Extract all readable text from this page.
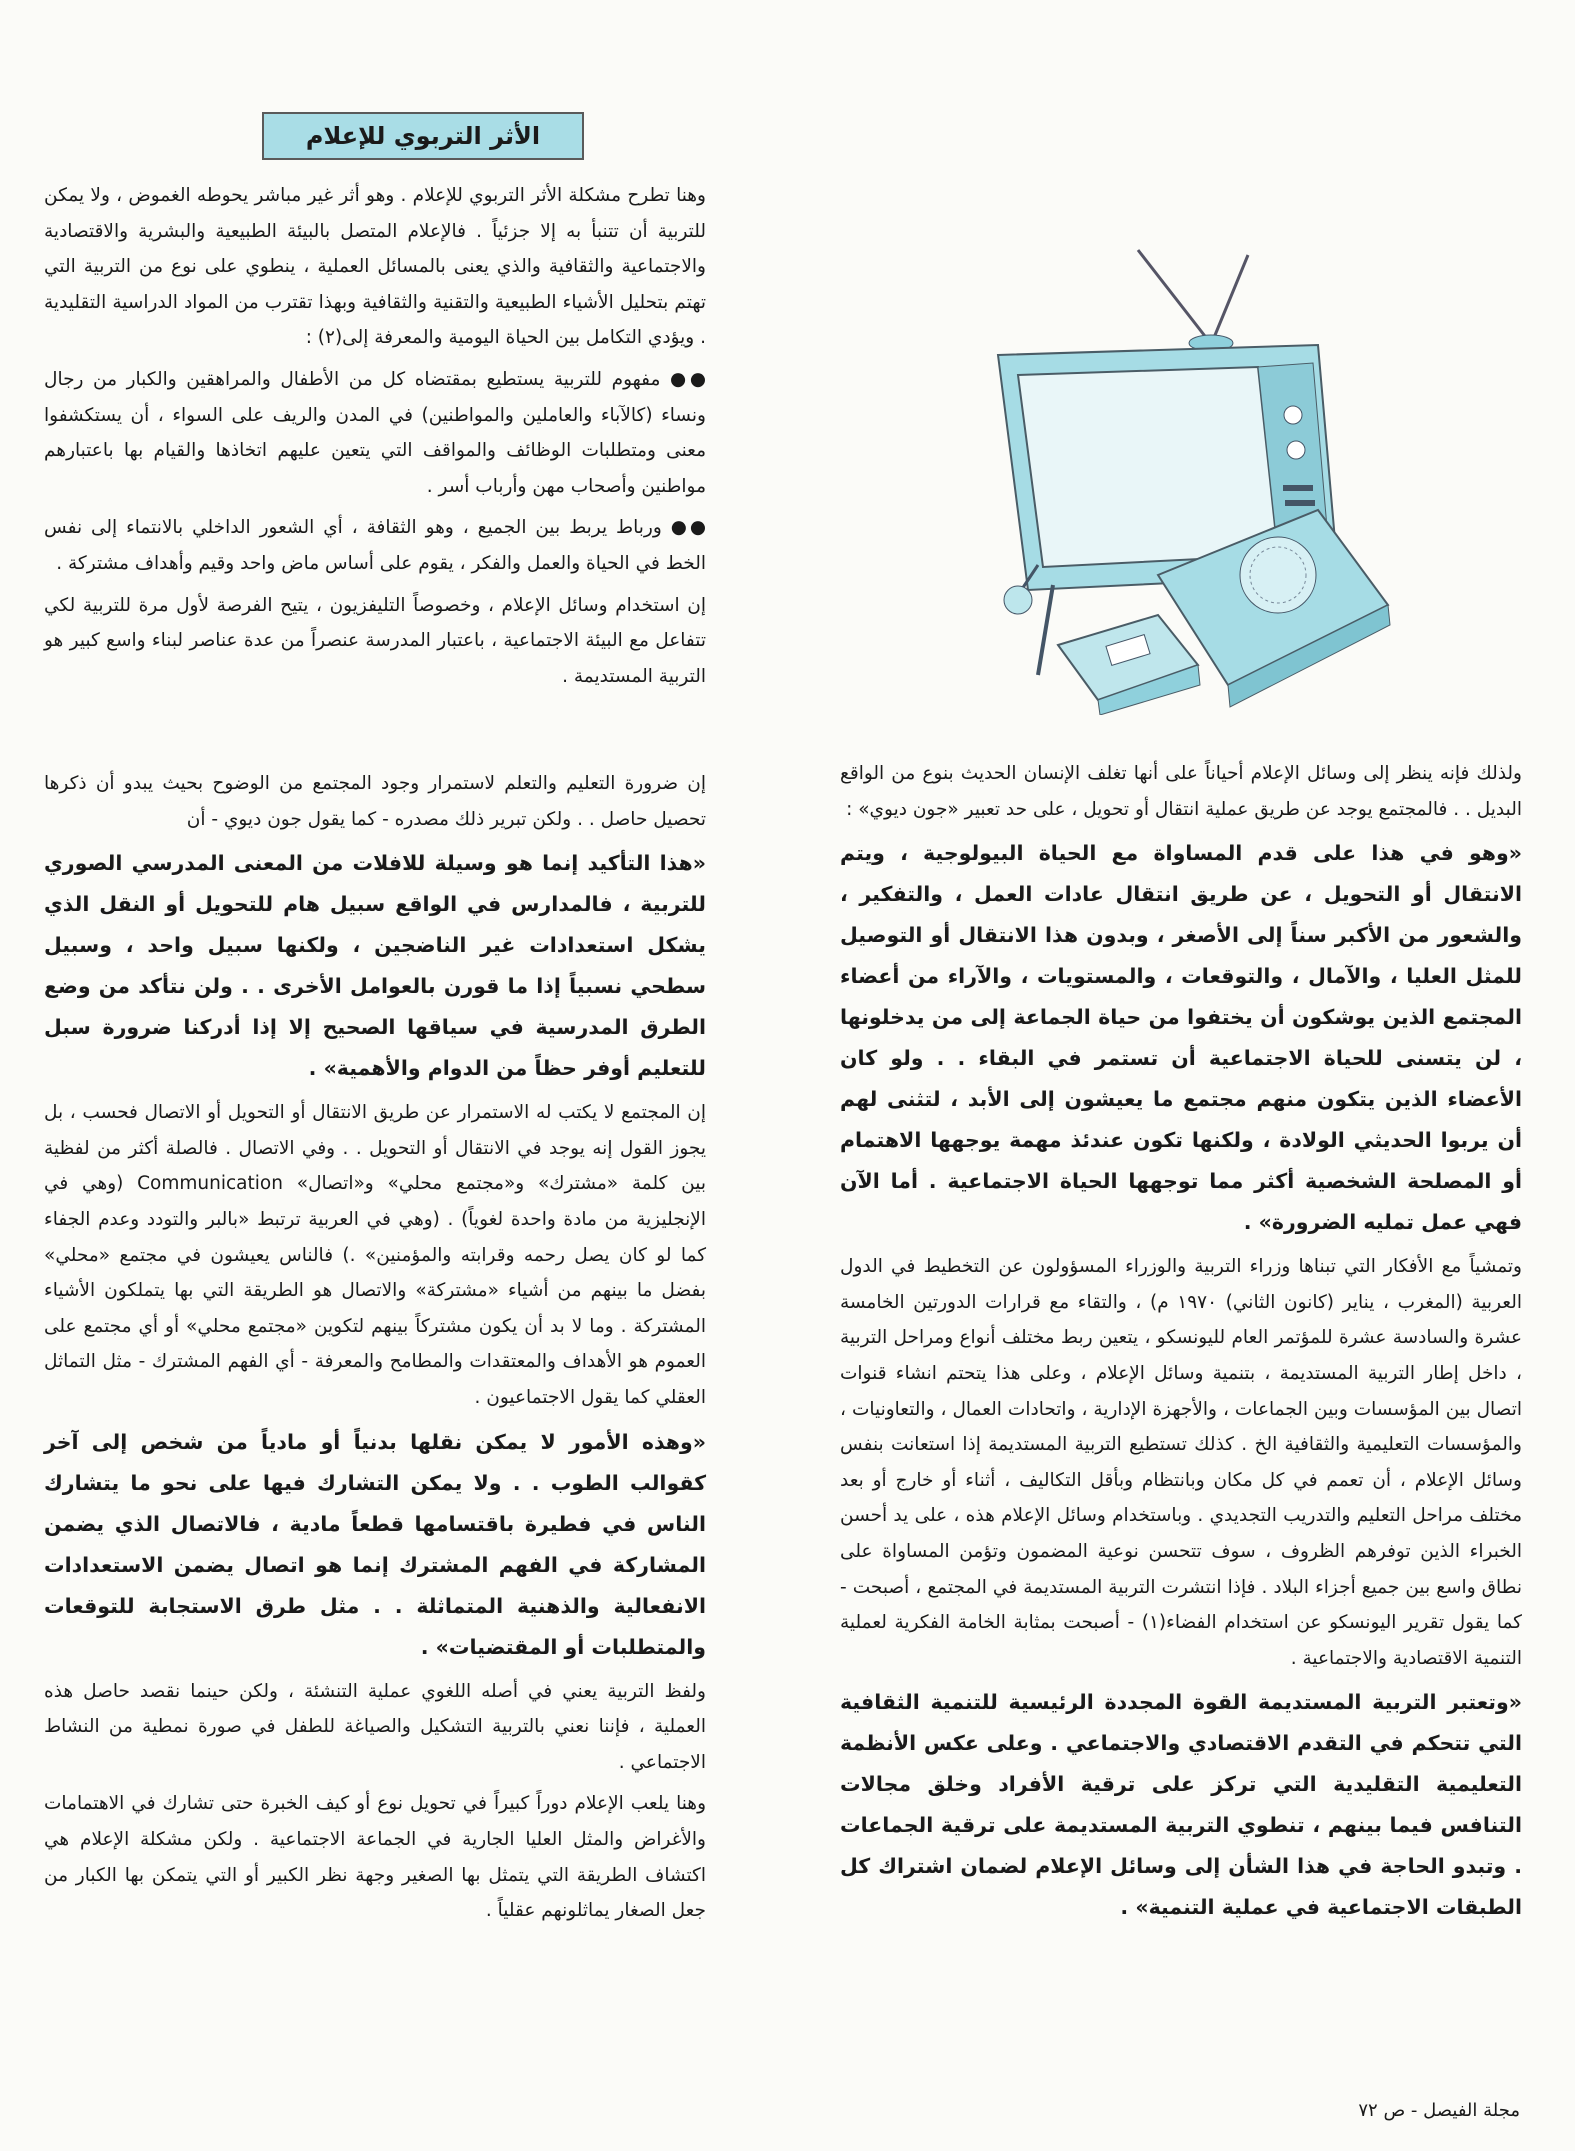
الأثر التربوي للإعلام

وهنا تطرح مشكلة الأثر التربوي للإعلام . وهو أثر غير مباشر يحوطه الغموض ، ولا يمكن للتربية أن تتنبأ به إلا جزئياً . فالإعلام المتصل بالبيئة الطبيعية والبشرية والاقتصادية والاجتماعية والثقافية والذي يعنى بالمسائل العملية ، ينطوي على نوع من التربية التي تهتم بتحليل الأشياء الطبيعية والتقنية والثقافية وبهذا تقترب من المواد الدراسية التقليدية . ويؤدي التكامل بين الحياة اليومية والمعرفة إلى(٢) :

●● مفهوم للتربية يستطيع بمقتضاه كل من الأطفال والمراهقين والكبار من رجال ونساء (كالآباء والعاملين والمواطنين) في المدن والريف على السواء ، أن يستكشفوا معنى ومتطلبات الوظائف والمواقف التي يتعين عليهم اتخاذها والقيام بها باعتبارهم مواطنين وأصحاب مهن وأرباب أسر .

●● ورباط يربط بين الجميع ، وهو الثقافة ، أي الشعور الداخلي بالانتماء إلى نفس الخط في الحياة والعمل والفكر ، يقوم على أساس ماض واحد وقيم وأهداف مشتركة .

إن استخدام وسائل الإعلام ، وخصوصاً التليفزيون ، يتيح الفرصة لأول مرة للتربية لكي تتفاعل مع البيئة الاجتماعية ، باعتبار المدرسة عنصراً من عدة عناصر لبناء واسع كبير هو التربية المستديمة .

إن ضرورة التعليم والتعلم لاستمرار وجود المجتمع من الوضوح بحيث يبدو أن ذكرها تحصيل حاصل . . ولكن تبرير ذلك مصدره - كما يقول جون ديوي - أن

«هذا التأكيد إنما هو وسيلة للافلات من المعنى المدرسي الصوري للتربية ، فالمدارس في الواقع سبيل هام للتحويل أو النقل الذي يشكل استعدادات غير الناضجين ، ولكنها سبيل واحد ، وسبيل سطحي نسبياً إذا ما قورن بالعوامل الأخرى . . ولن نتأكد من وضع الطرق المدرسية في سياقها الصحيح إلا إذا أدركنا ضرورة سبل للتعليم أوفر حظاً من الدوام والأهمية» .

إن المجتمع لا يكتب له الاستمرار عن طريق الانتقال أو التحويل أو الاتصال فحسب ، بل يجوز القول إنه يوجد في الانتقال أو التحويل . . وفي الاتصال . فالصلة أكثر من لفظية بين كلمة «مشترك» و«مجتمع محلي» و«اتصال» Communication (وهي في الإنجليزية من مادة واحدة لغوياً) . (وهي في العربية ترتبط «بالبر والتودد وعدم الجفاء كما لو كان يصل رحمه وقرابته والمؤمنين» .) فالناس يعيشون في مجتمع «محلي» بفضل ما بينهم من أشياء «مشتركة» والاتصال هو الطريقة التي بها يتملكون الأشياء المشتركة . وما لا بد أن يكون مشتركاً بينهم لتكوين «مجتمع محلي» أو أي مجتمع على العموم هو الأهداف والمعتقدات والمطامح والمعرفة - أي الفهم المشترك - مثل التماثل العقلي كما يقول الاجتماعيون .

«وهذه الأمور لا يمكن نقلها بدنياً أو مادياً من شخص إلى آخر كقوالب الطوب . . ولا يمكن التشارك فيها على نحو ما يتشارك الناس في فطيرة باقتسامها قطعاً مادية ، فالاتصال الذي يضمن المشاركة في الفهم المشترك إنما هو اتصال يضمن الاستعدادات الانفعالية والذهنية المتماثلة . . مثل طرق الاستجابة للتوقعات والمتطلبات أو المقتضيات» .

ولفظ التربية يعني في أصله اللغوي عملية التنشئة ، ولكن حينما نقصد حاصل هذه العملية ، فإننا نعني بالتربية التشكيل والصياغة للطفل في صورة نمطية من النشاط الاجتماعي .

وهنا يلعب الإعلام دوراً كبيراً في تحويل نوع أو كيف الخبرة حتى تشارك في الاهتمامات والأغراض والمثل العليا الجارية في الجماعة الاجتماعية . ولكن مشكلة الإعلام هي اكتشاف الطريقة التي يتمثل بها الصغير وجهة نظر الكبير أو التي يتمكن بها الكبار من جعل الصغار يماثلونهم عقلياً .

ولذلك فإنه ينظر إلى وسائل الإعلام أحياناً على أنها تغلف الإنسان الحديث بنوع من الواقع البديل . . فالمجتمع يوجد عن طريق عملية انتقال أو تحويل ، على حد تعبير «جون ديوي» :

«وهو في هذا على قدم المساواة مع الحياة البيولوجية ، ويتم الانتقال أو التحويل ، عن طريق انتقال عادات العمل ، والتفكير ، والشعور من الأكبر سناً إلى الأصغر ، وبدون هذا الانتقال أو التوصيل للمثل العليا ، والآمال ، والتوقعات ، والمستويات ، والآراء من أعضاء المجتمع الذين يوشكون أن يختفوا من حياة الجماعة إلى من يدخلونها ، لن يتسنى للحياة الاجتماعية أن تستمر في البقاء . . ولو كان الأعضاء الذين يتكون منهم مجتمع ما يعيشون إلى الأبد ، لتثنى لهم أن يربوا الحديثي الولادة ، ولكنها تكون عندئذ مهمة يوجهها الاهتمام أو المصلحة الشخصية أكثر مما توجهها الحياة الاجتماعية . أما الآن فهي عمل تمليه الضرورة» .

وتمشياً مع الأفكار التي تبناها وزراء التربية والوزراء المسؤولون عن التخطيط في الدول العربية (المغرب ، يناير (كانون الثاني) ١٩٧٠ م) ، والتقاء مع قرارات الدورتين الخامسة عشرة والسادسة عشرة للمؤتمر العام لليونسكو ، يتعين ربط مختلف أنواع ومراحل التربية ، داخل إطار التربية المستديمة ، بتنمية وسائل الإعلام ، وعلى هذا يتحتم انشاء قنوات اتصال بين المؤسسات وبين الجماعات ، والأجهزة الإدارية ، واتحادات العمال ، والتعاونيات ، والمؤسسات التعليمية والثقافية الخ . كذلك تستطيع التربية المستديمة إذا استعانت بنفس وسائل الإعلام ، أن تعمم في كل مكان وبانتظام وبأقل التكاليف ، أثناء أو خارج أو بعد مختلف مراحل التعليم والتدريب التجديدي . وباستخدام وسائل الإعلام هذه ، على يد أحسن الخبراء الذين توفرهم الظروف ، سوف تتحسن نوعية المضمون وتؤمن المساواة على نطاق واسع بين جميع أجزاء البلاد . فإذا انتشرت التربية المستديمة في المجتمع ، أصبحت - كما يقول تقرير اليونسكو عن استخدام الفضاء(١) - أصبحت بمثابة الخامة الفكرية لعملية التنمية الاقتصادية والاجتماعية .

«وتعتبر التربية المستديمة القوة المجددة الرئيسية للتنمية الثقافية التي تتحكم في التقدم الاقتصادي والاجتماعي . وعلى عكس الأنظمة التعليمية التقليدية التي تركز على ترقية الأفراد وخلق مجالات التنافس فيما بينهم ، تنطوي التربية المستديمة على ترقية الجماعات . وتبدو الحاجة في هذا الشأن إلى وسائل الإعلام لضمان اشتراك كل الطبقات الاجتماعية في عملية التنمية» .

مجلة الفيصل - ص ٧٢
